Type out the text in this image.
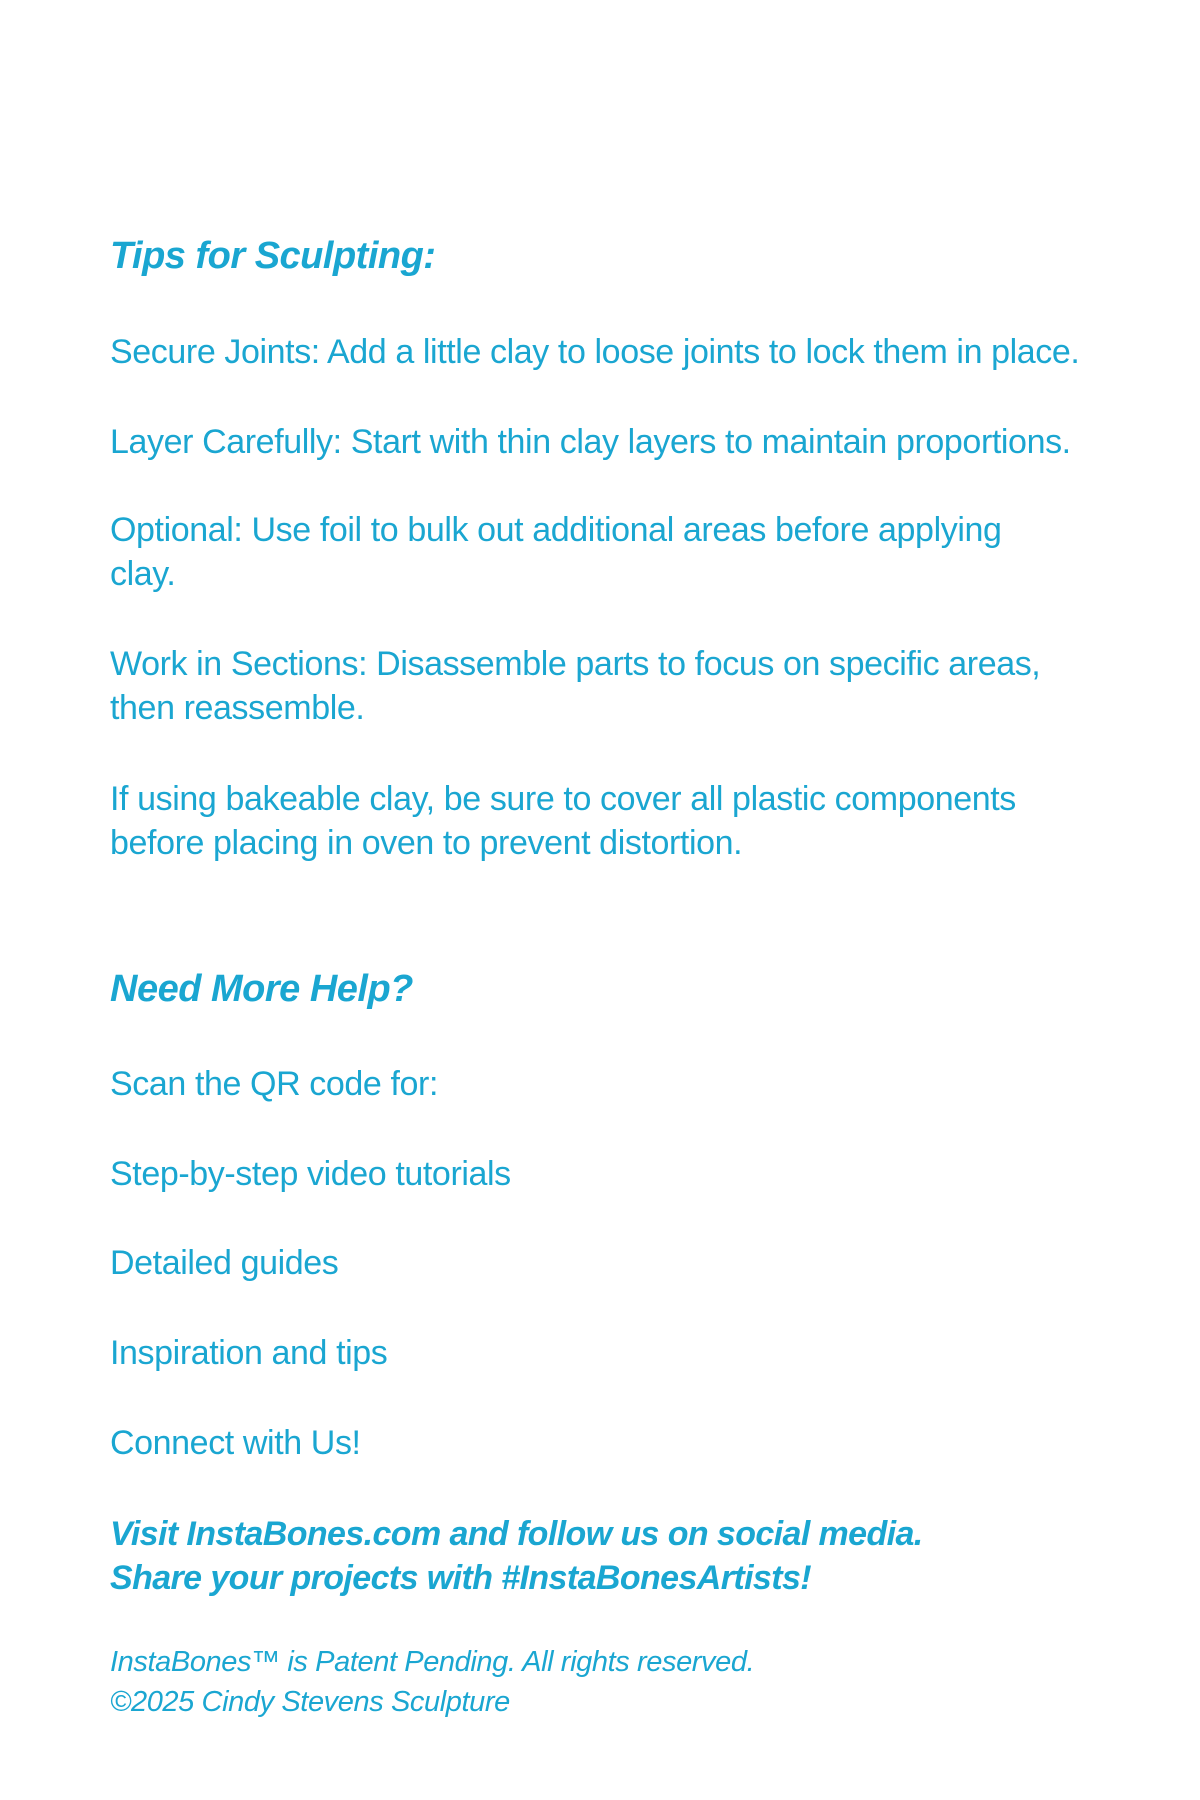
Tips for Sculpting:

Secure Joints: Add a little clay to loose joints to lock them in place.

Layer Carefully: Start with thin clay layers to maintain proportions.

Optional: Use foil to bulk out additional areas before applying clay.

Work in Sections: Disassemble parts to focus on specific areas, then reassemble.

If using bakeable clay, be sure to cover all plastic components before placing in oven to prevent distortion.

Need More Help?

Scan the QR code for:

Step-by-step video tutorials

Detailed guides

Inspiration and tips

Connect with Us!

Visit InstaBones.com and follow us on social media.
Share your projects with #InstaBonesArtists!

InstaBones™ is Patent Pending. All rights reserved.
©2025 Cindy Stevens Sculpture
